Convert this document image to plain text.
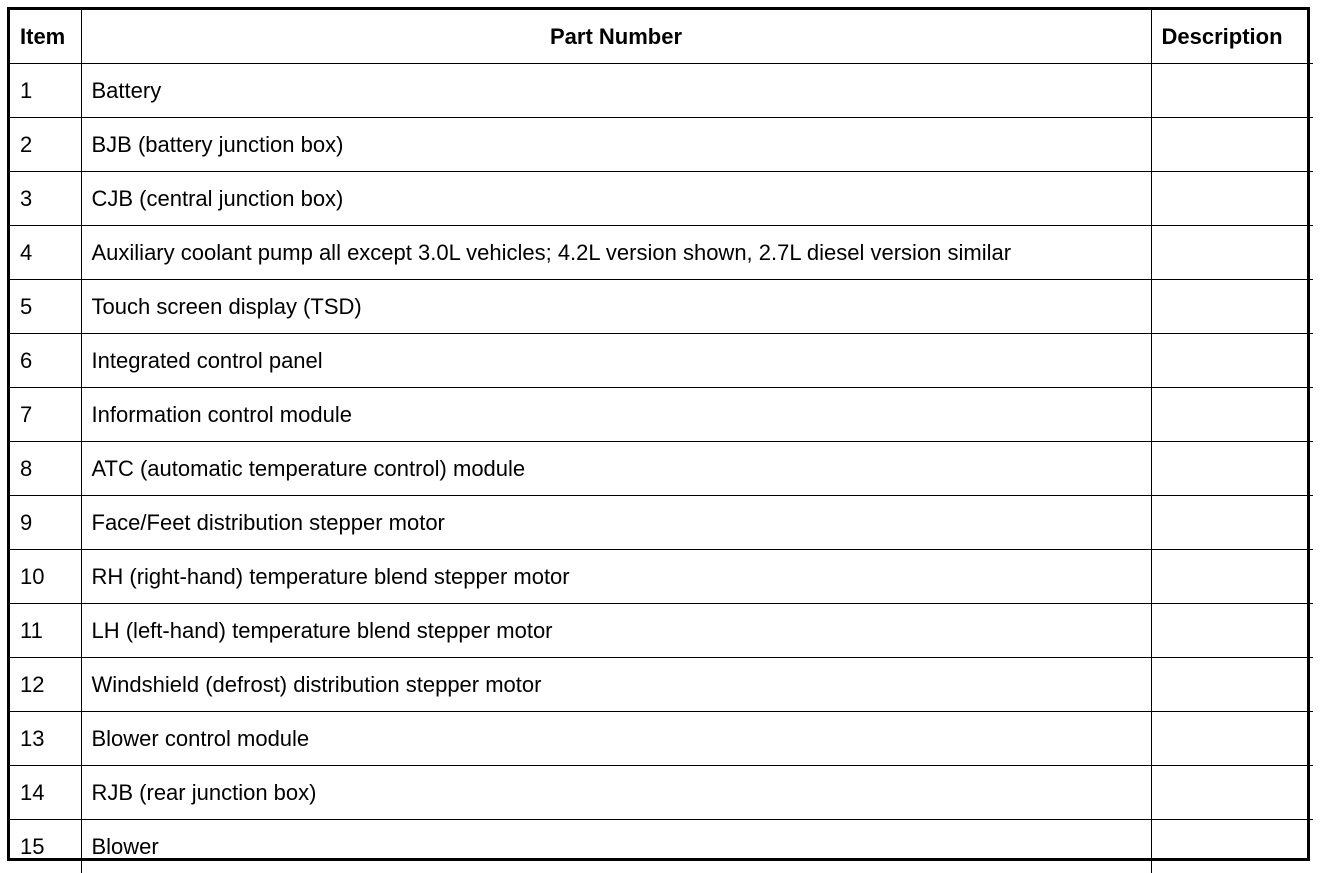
Item	Part Number	Description
1	Battery	
2	BJB (battery junction box)	
3	CJB (central junction box)	
4	Auxiliary coolant pump all except 3.0L vehicles; 4.2L version shown, 2.7L diesel version similar	
5	Touch screen display (TSD)	
6	Integrated control panel	
7	Information control module	
8	ATC (automatic temperature control) module	
9	Face/Feet distribution stepper motor	
10	RH (right-hand) temperature blend stepper motor	
11	LH (left-hand) temperature blend stepper motor	
12	Windshield (defrost) distribution stepper motor	
13	Blower control module	
14	RJB (rear junction box)	
15	Blower	
